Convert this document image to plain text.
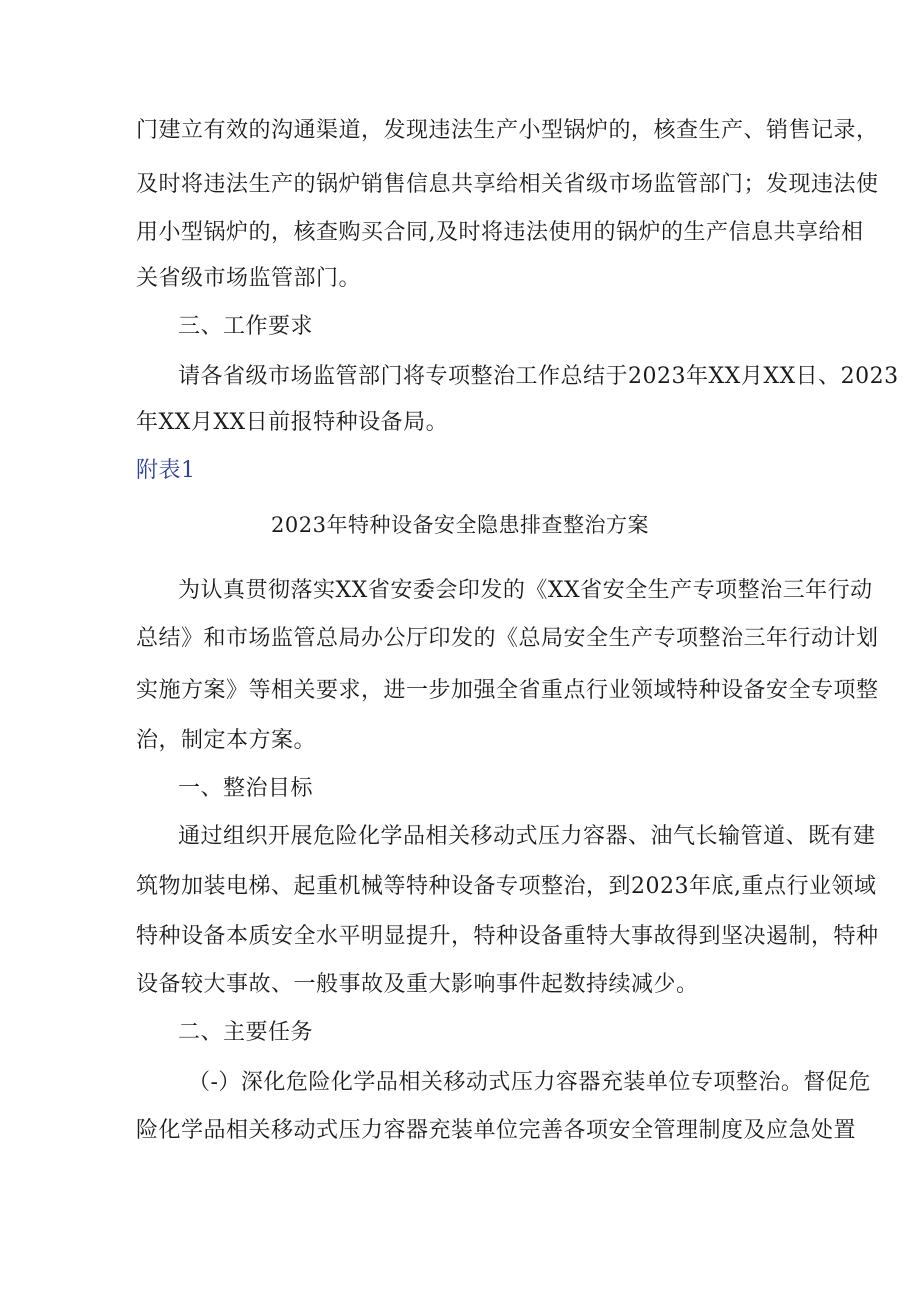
门建立有效的沟通渠道，发现违法生产小型锅炉的，核查生产、销售记录，
及时将违法生产的锅炉销售信息共享给相关省级市场监管部门；发现违法使
用小型锅炉的，核查购买合同,及时将违法使用的锅炉的生产信息共享给相
关省级市场监管部门。
三、工作要求
请各省级市场监管部门将专项整治工作总结于2023年XX月XX日、2023
年XX月XX日前报特种设备局。
附表1
2023年特种设备安全隐患排查整治方案
为认真贯彻落实XX省安委会印发的《XX省安全生产专项整治三年行动
总结》和市场监管总局办公厅印发的《总局安全生产专项整治三年行动计划
实施方案》等相关要求，进一步加强全省重点行业领域特种设备安全专项整
治，制定本方案。
一、整治目标
通过组织开展危险化学品相关移动式压力容器、油气长输管道、既有建
筑物加装电梯、起重机械等特种设备专项整治，到2023年底,重点行业领域
特种设备本质安全水平明显提升，特种设备重特大事故得到坚决遏制，特种
设备较大事故、一般事故及重大影响事件起数持续减少。
二、主要任务
（-）深化危险化学品相关移动式压力容器充装单位专项整治。督促危
险化学品相关移动式压力容器充装单位完善各项安全管理制度及应急处置
